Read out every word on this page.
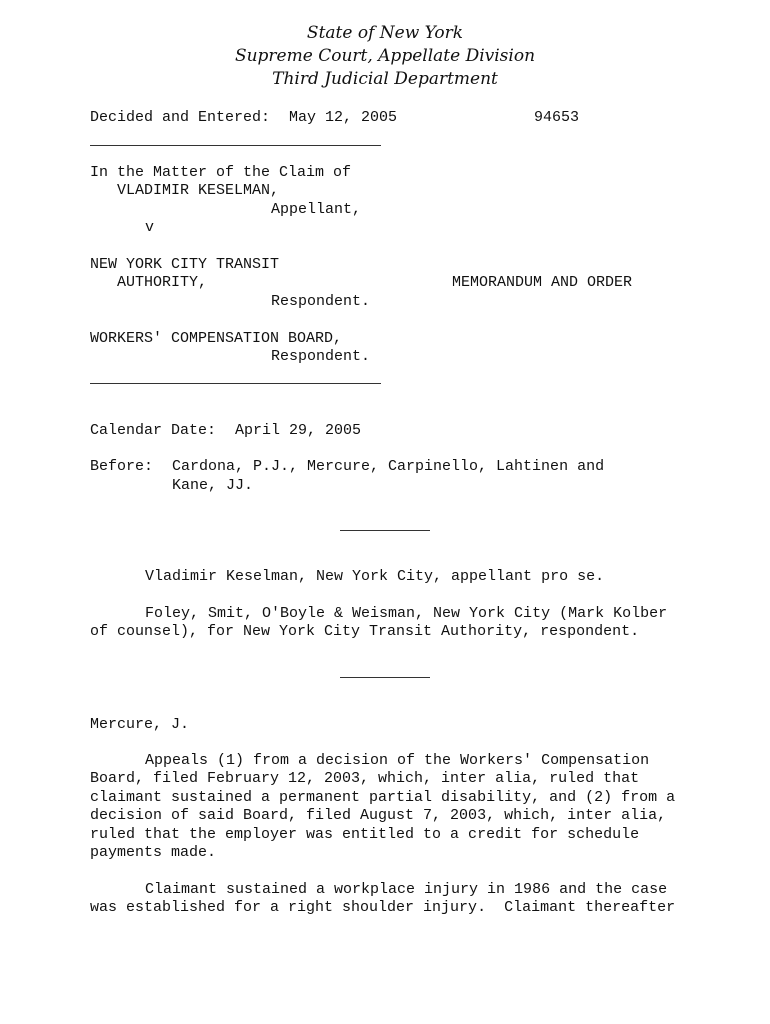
State of New York
Supreme Court, Appellate Division
Third Judicial Department
Decided and Entered: May 12, 2005	94653
In the Matter of the Claim of
VLADIMIR KESELMAN,
Appellant,
v
NEW YORK CITY TRANSIT
AUTHORITY,	MEMORANDUM AND ORDER
Respondent.
WORKERS' COMPENSATION BOARD,
Respondent.
Calendar Date: April 29, 2005
Before: Cardona, P.J., Mercure, Carpinello, Lahtinen and
Kane, JJ.
Vladimir Keselman, New York City, appellant pro se.
Foley, Smit, O'Boyle & Weisman, New York City (Mark Kolber
of counsel), for New York City Transit Authority, respondent.
Mercure, J.
Appeals (1) from a decision of the Workers' Compensation
Board, filed February 12, 2003, which, inter alia, ruled that
claimant sustained a permanent partial disability, and (2) from a
decision of said Board, filed August 7, 2003, which, inter alia,
ruled that the employer was entitled to a credit for schedule
payments made.
Claimant sustained a workplace injury in 1986 and the case
was established for a right shoulder injury.  Claimant thereafter
